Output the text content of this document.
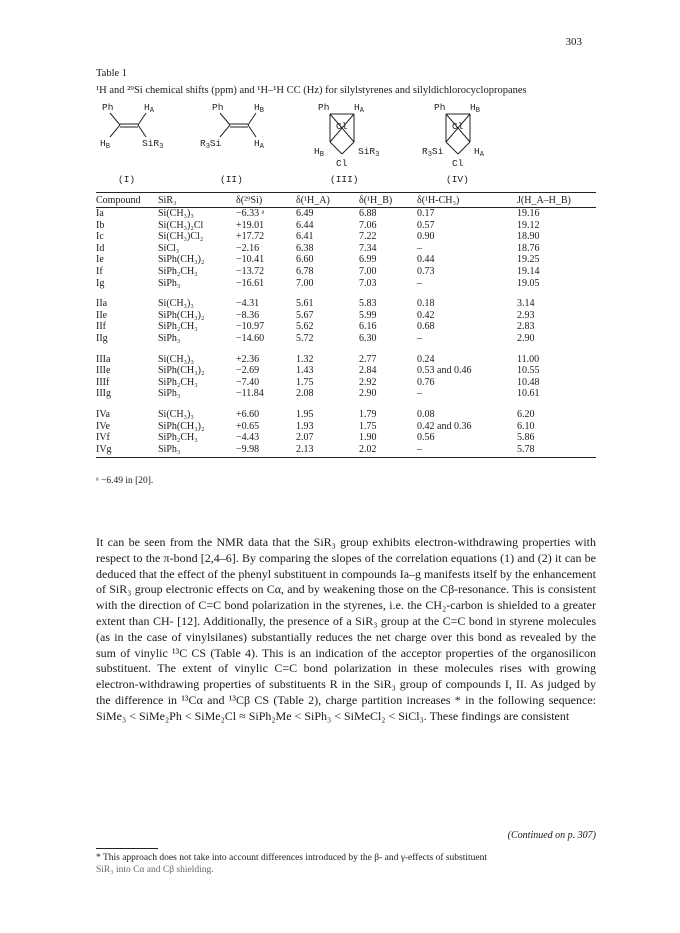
303
Table 1
¹H and ²⁹Si chemical shifts (ppm) and ¹H–¹H CC (Hz) for silylstyrenes and silyldichlorocyclopropanes
Ph	$H_A$
$H_B$	SiR$_3$
(I)
Ph	$H_B$
$R_3Si$	$H_A$
(II)
Ph	$H_A$
Cl
$H_B$	SiR$_3$
Cl
(III)
Ph	$H_B$
Cl
$R_3Si$	$H_A$
Cl
(IV)
Compound	SiR₃	δ(²⁹Si)	δ(¹H_A)	δ(¹H_B)	δ(¹H-CH₃)	J(H_A–H_B)
Ia	Si(CH₃)₃	−6.33 ᵃ	6.49	6.88	0.17	19.16
Ib	Si(CH₃)₂Cl	+19.01	6.44	7.06	0.57	19.12
Ic	Si(CH₃)Cl₂	+17.72	6.41	7.22	0.90	18.90
Id	SiCl₃	−2.16	6.38	7.34	–	18.76
Ie	SiPh(CH₃)₂	−10.41	6.60	6.99	0.44	19.25
If	SiPh₂CH₃	−13.72	6.78	7.00	0.73	19.14
Ig	SiPh₃	−16.61	7.00	7.03	–	19.05
IIa	Si(CH₃)₃	−4.31	5.61	5.83	0.18	3.14
IIe	SiPh(CH₃)₂	−8.36	5.67	5.99	0.42	2.93
IIf	SiPh₂CH₃	−10.97	5.62	6.16	0.68	2.83
IIg	SiPh₃	−14.60	5.72	6.30	–	2.90
IIIa	Si(CH₃)₃	+2.36	1.32	2.77	0.24	11.00
IIIe	SiPh(CH₃)₂	−2.69	1.43	2.84	0.53 and 0.46	10.55
IIIf	SiPh₂CH₃	−7.40	1.75	2.92	0.76	10.48
IIIg	SiPh₃	−11.84	2.08	2.90	–	10.61
IVa	Si(CH₃)₃	+6.60	1.95	1.79	0.08	6.20
IVe	SiPh(CH₃)₂	+0.65	1.93	1.75	0.42 and 0.36	6.10
IVf	SiPh₂CH₃	−4.43	2.07	1.90	0.56	5.86
IVg	SiPh₃	−9.98	2.13	2.02	–	5.78
ᵃ −6.49 in [20].

It can be seen from the NMR data that the SiR₃ group exhibits electron-withdrawing properties with respect to the π-bond [2,4–6]. By comparing the slopes of the correlation equations (1) and (2) it can be deduced that the effect of the phenyl substituent in compounds Ia–g manifests itself by the enhancement of SiR₃ group electronic effects on Cα, and by weakening those on the Cβ-resonance. This is consistent with the direction of C=C bond polarization in the styrenes, i.e. the CH₂-carbon is shielded to a greater extent than CH- [12]. Additionally, the presence of a SiR₃ group at the C=C bond in styrene molecules (as in the case of vinylsilanes) substantially reduces the net charge over this bond as revealed by the sum of vinylic ¹³C CS (Table 4). This is an indication of the acceptor properties of the organosilicon substituent. The extent of vinylic C=C bond polarization in these molecules rises with growing electron-withdrawing properties of substituents R in the SiR₃ group of compounds I, II. As judged by the difference in ¹³Cα and ¹³Cβ CS (Table 2), charge partition increases * in the following sequence: SiMe₃ < SiMe₂Ph < SiMe₂Cl ≈ SiPh₂Me < SiPh₃ < SiMeCl₂ < SiCl₃. These findings are consistent

(Continued on p. 307)
* This approach does not take into account differences introduced by the β- and γ-effects of substituent
SiR₃ into Cα and Cβ shielding.
